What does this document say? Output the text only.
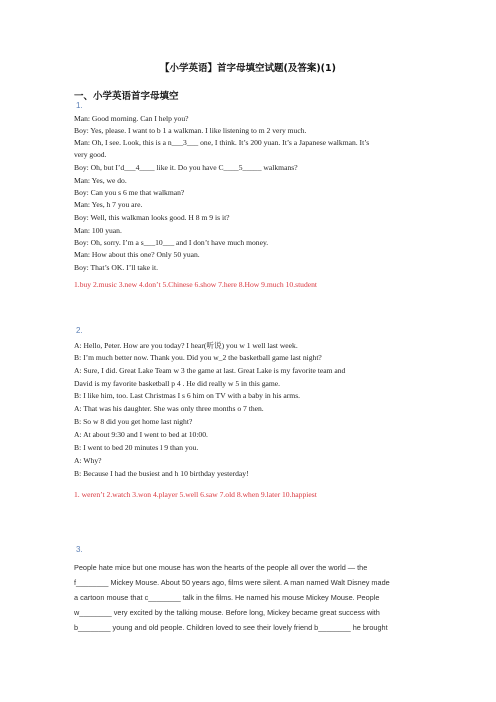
【小学英语】首字母填空试题(及答案)(1)
一、小学英语首字母填空
1.
Man: Good morning. Can I help you?
Boy: Yes, please. I want to b 1 a walkman. I like listening to m 2 very much.
Man: Oh, I see. Look, this is a n___3___ one, I think. It’s 200 yuan. It’s a Japanese walkman. It’s
very good.
Boy: Oh, but I’d___4____ like it. Do you have C____5_____ walkmans?
Man: Yes, we do.
Boy: Can you s 6 me that walkman?
Man: Yes, h 7 you are.
Boy: Well, this walkman looks good. H 8 m 9 is it?
Man: 100 yuan.
Boy: Oh, sorry. I’m a s___10___ and I don’t have much money.
Man: How about this one? Only 50 yuan.
Boy: That’s OK. I’ll take it.
1.buy 2.music 3.new 4.don’t 5.Chinese 6.show 7.here 8.How 9.much 10.student
2.
A: Hello, Peter. How are you today? I hear(听说) you w 1 well last week.
B: I’m much better now. Thank you. Did you w_2 the basketball game last night?
A: Sure, I did. Great Lake Team w 3 the game at last. Great Lake is my favorite team and
David is my favorite basketball p 4 . He did really w 5 in this game.
B: I like him, too. Last Christmas I s 6 him on TV with a baby in his arms.
A: That was his daughter. She was only three months o 7 then.
B: So w 8 did you get home last night?
A: At about 9:30 and I went to bed at 10:00.
B: I went to bed 20 minutes l 9 than you.
A: Why?
B: Because I had the busiest and h 10 birthday yesterday!
1. weren’t 2.watch 3.won 4.player 5.well 6.saw 7.old 8.when 9.later 10.happiest
3.
People hate mice but one mouse has won the hearts of the people all over the world — the
f________ Mickey Mouse. About 50 years ago, films were silent. A man named Walt Disney made
a cartoon mouse that c________ talk in the films. He named his mouse Mickey Mouse. People
w________ very excited by the talking mouse. Before long, Mickey became great success with
b________ young and old people. Children loved to see their lovely friend b________ he brought
